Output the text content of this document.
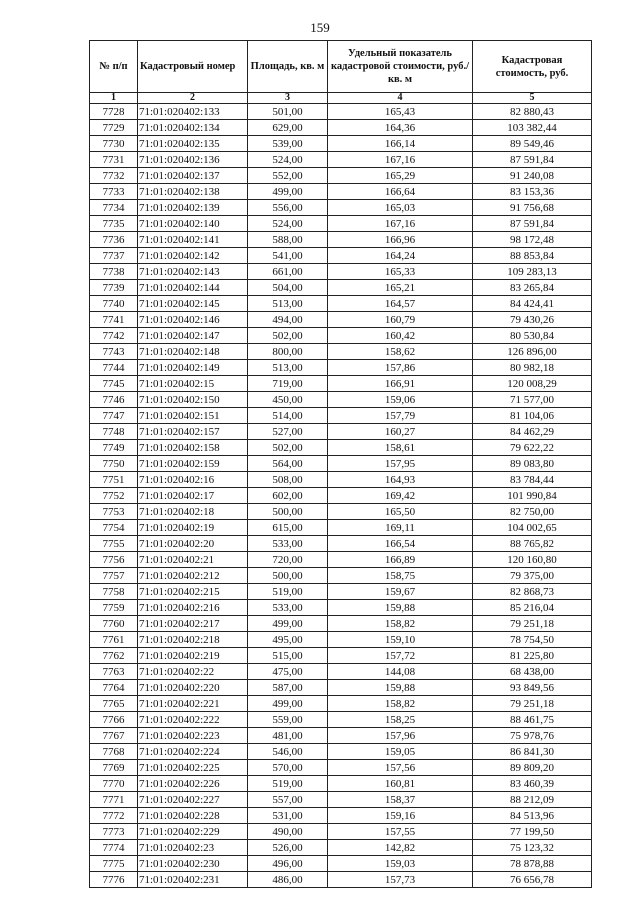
159
№ п/п	Кадастровый номер	Площадь, кв. м	Удельный показатель кадастровой стоимости, руб./кв. м	Кадастровая стоимость, руб.
1	2	3	4	5
7728	71:01:020402:133	501,00	165,43	82 880,43
7729	71:01:020402:134	629,00	164,36	103 382,44
7730	71:01:020402:135	539,00	166,14	89 549,46
7731	71:01:020402:136	524,00	167,16	87 591,84
7732	71:01:020402:137	552,00	165,29	91 240,08
7733	71:01:020402:138	499,00	166,64	83 153,36
7734	71:01:020402:139	556,00	165,03	91 756,68
7735	71:01:020402:140	524,00	167,16	87 591,84
7736	71:01:020402:141	588,00	166,96	98 172,48
7737	71:01:020402:142	541,00	164,24	88 853,84
7738	71:01:020402:143	661,00	165,33	109 283,13
7739	71:01:020402:144	504,00	165,21	83 265,84
7740	71:01:020402:145	513,00	164,57	84 424,41
7741	71:01:020402:146	494,00	160,79	79 430,26
7742	71:01:020402:147	502,00	160,42	80 530,84
7743	71:01:020402:148	800,00	158,62	126 896,00
7744	71:01:020402:149	513,00	157,86	80 982,18
7745	71:01:020402:15	719,00	166,91	120 008,29
7746	71:01:020402:150	450,00	159,06	71 577,00
7747	71:01:020402:151	514,00	157,79	81 104,06
7748	71:01:020402:157	527,00	160,27	84 462,29
7749	71:01:020402:158	502,00	158,61	79 622,22
7750	71:01:020402:159	564,00	157,95	89 083,80
7751	71:01:020402:16	508,00	164,93	83 784,44
7752	71:01:020402:17	602,00	169,42	101 990,84
7753	71:01:020402:18	500,00	165,50	82 750,00
7754	71:01:020402:19	615,00	169,11	104 002,65
7755	71:01:020402:20	533,00	166,54	88 765,82
7756	71:01:020402:21	720,00	166,89	120 160,80
7757	71:01:020402:212	500,00	158,75	79 375,00
7758	71:01:020402:215	519,00	159,67	82 868,73
7759	71:01:020402:216	533,00	159,88	85 216,04
7760	71:01:020402:217	499,00	158,82	79 251,18
7761	71:01:020402:218	495,00	159,10	78 754,50
7762	71:01:020402:219	515,00	157,72	81 225,80
7763	71:01:020402:22	475,00	144,08	68 438,00
7764	71:01:020402:220	587,00	159,88	93 849,56
7765	71:01:020402:221	499,00	158,82	79 251,18
7766	71:01:020402:222	559,00	158,25	88 461,75
7767	71:01:020402:223	481,00	157,96	75 978,76
7768	71:01:020402:224	546,00	159,05	86 841,30
7769	71:01:020402:225	570,00	157,56	89 809,20
7770	71:01:020402:226	519,00	160,81	83 460,39
7771	71:01:020402:227	557,00	158,37	88 212,09
7772	71:01:020402:228	531,00	159,16	84 513,96
7773	71:01:020402:229	490,00	157,55	77 199,50
7774	71:01:020402:23	526,00	142,82	75 123,32
7775	71:01:020402:230	496,00	159,03	78 878,88
7776	71:01:020402:231	486,00	157,73	76 656,78
